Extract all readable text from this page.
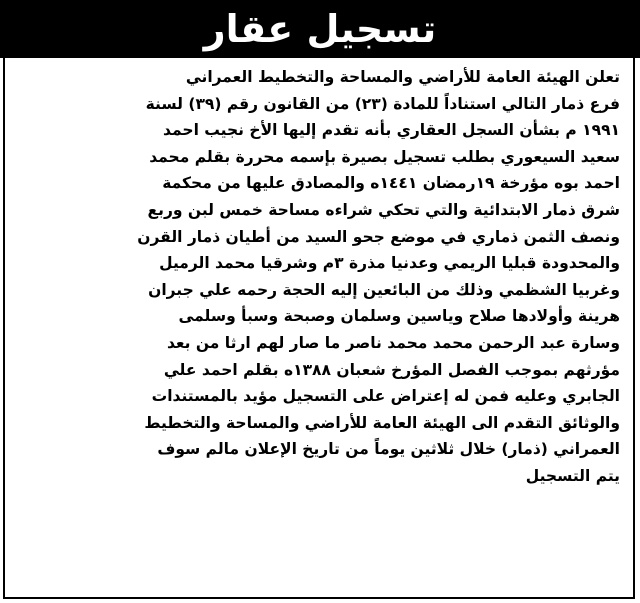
تسجيل عقار
تعلن الهيئة العامة للأراضي والمساحة والتخطيط العمراني
فرع ذمار التالي استناداً للمادة (٢٣) من القانون رقم (٣٩) لسنة
١٩٩١ م بشأن السجل العقاري بأنه تقدم إليها الأخ نجيب احمد
سعيد السيعوري بطلب تسجيل بصيرة بإسمه محررة بقلم محمد
احمد بوه مؤرخة ١٩رمضان ١٤٤١ه والمصادق عليها من محكمة
شرق ذمار الابتدائية والتي تحكي شراءه مساحة خمس لبن وربع
ونصف الثمن ذماري في موضع جحو السيد من أطيان ذمار القرن
والمحدودة قبليا الريمي وعدنيا مذرة ٣م وشرقيا محمد الرميل
وغربيا الشظمي وذلك من البائعين إليه الحجة رحمه علي جبران
هرينة وأولادها صلاح وياسين وسلمان وصبحة وسبأ وسلمى
وسارة عبد الرحمن محمد محمد ناصر ما صار لهم ارثا من بعد
مؤرثهم بموجب الفصل المؤرخ شعبان ١٣٨٨ه بقلم احمد علي
الجابري وعليه فمن له إعتراض على التسجيل مؤيد بالمستندات
والوثائق التقدم الى الهيئة العامة للأراضي والمساحة والتخطيط
العمراني (ذمار) خلال ثلاثين يوماً من تاريخ الإعلان مالم سوف
يتم التسجيل
